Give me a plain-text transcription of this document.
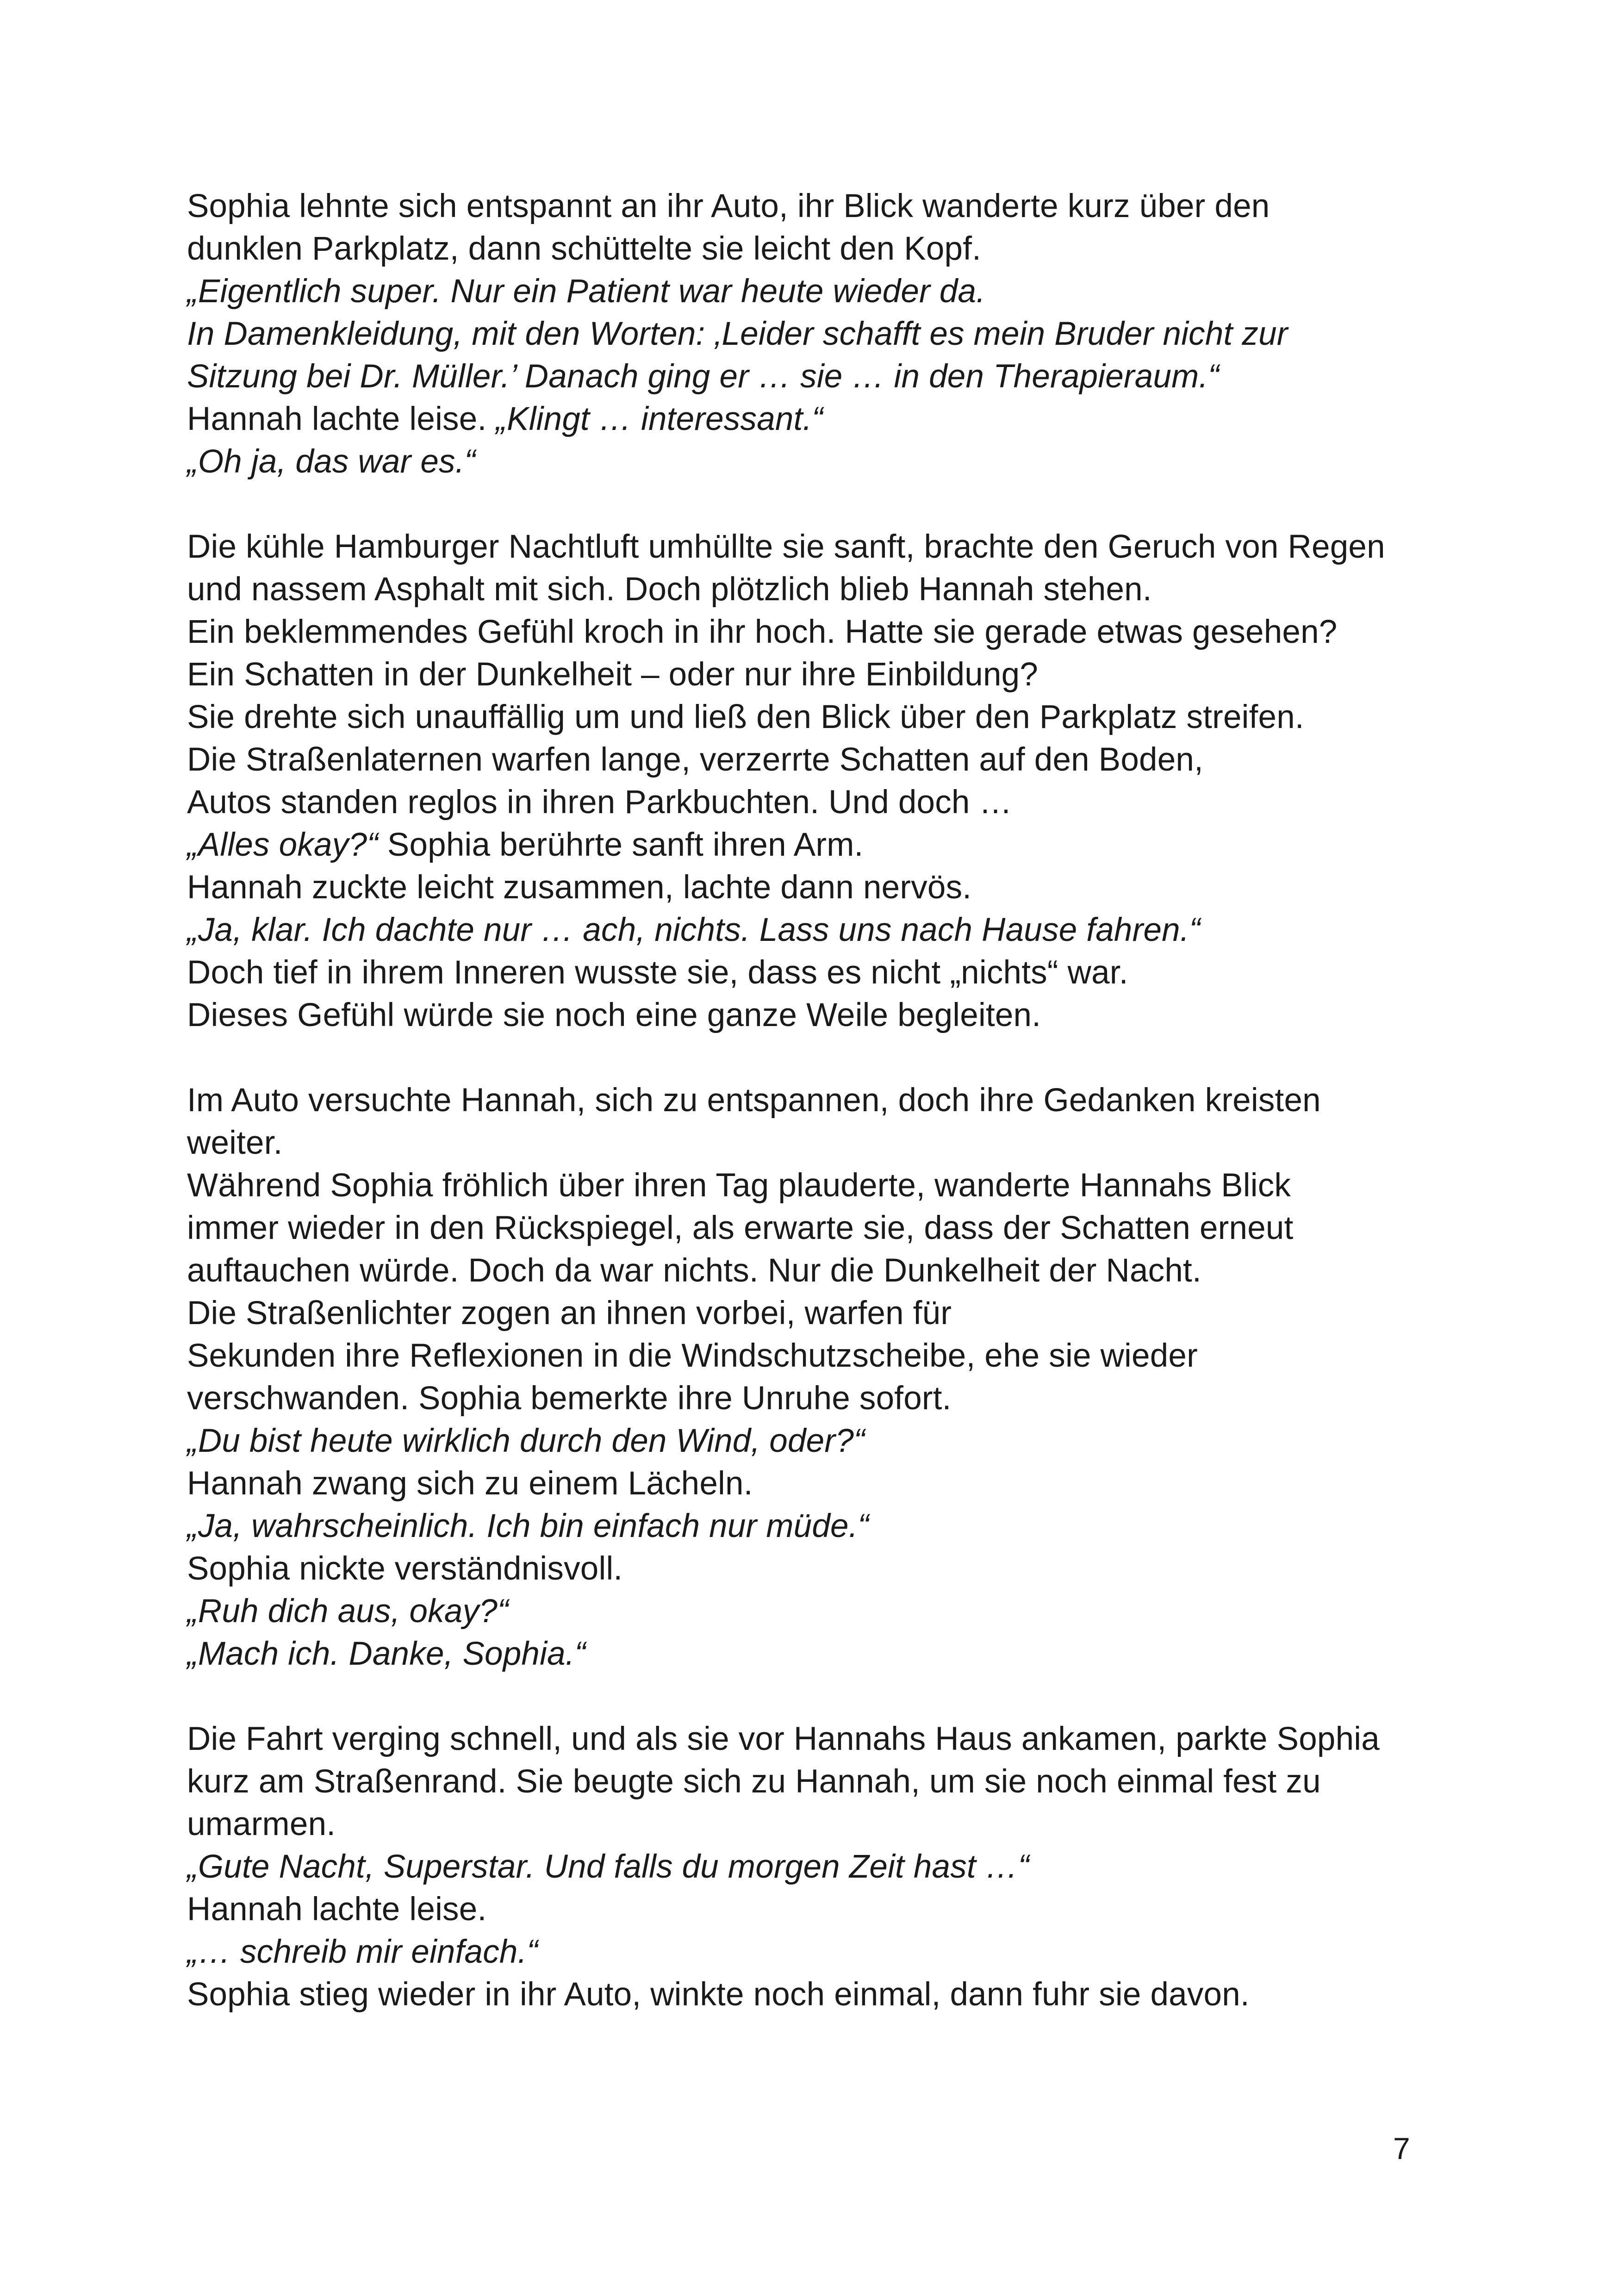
Sophia lehnte sich entspannt an ihr Auto, ihr Blick wanderte kurz über den
dunklen Parkplatz, dann schüttelte sie leicht den Kopf.
„Eigentlich super. Nur ein Patient war heute wieder da.
In Damenkleidung, mit den Worten: ‚Leider schafft es mein Bruder nicht zur
Sitzung bei Dr. Müller.’ Danach ging er … sie … in den Therapieraum.“
Hannah lachte leise. „Klingt … interessant.“
„Oh ja, das war es.“
Die kühle Hamburger Nachtluft umhüllte sie sanft, brachte den Geruch von Regen
und nassem Asphalt mit sich. Doch plötzlich blieb Hannah stehen.
Ein beklemmendes Gefühl kroch in ihr hoch. Hatte sie gerade etwas gesehen?
Ein Schatten in der Dunkelheit – oder nur ihre Einbildung?
Sie drehte sich unauffällig um und ließ den Blick über den Parkplatz streifen.
Die Straßenlaternen warfen lange, verzerrte Schatten auf den Boden,
Autos standen reglos in ihren Parkbuchten. Und doch …
„Alles okay?“ Sophia berührte sanft ihren Arm.
Hannah zuckte leicht zusammen, lachte dann nervös.
„Ja, klar. Ich dachte nur … ach, nichts. Lass uns nach Hause fahren.“
Doch tief in ihrem Inneren wusste sie, dass es nicht „nichts“ war.
Dieses Gefühl würde sie noch eine ganze Weile begleiten.
Im Auto versuchte Hannah, sich zu entspannen, doch ihre Gedanken kreisten
weiter.
Während Sophia fröhlich über ihren Tag plauderte, wanderte Hannahs Blick
immer wieder in den Rückspiegel, als erwarte sie, dass der Schatten erneut
auftauchen würde. Doch da war nichts. Nur die Dunkelheit der Nacht.
Die Straßenlichter zogen an ihnen vorbei, warfen für
Sekunden ihre Reflexionen in die Windschutzscheibe, ehe sie wieder
verschwanden. Sophia bemerkte ihre Unruhe sofort.
„Du bist heute wirklich durch den Wind, oder?“
Hannah zwang sich zu einem Lächeln.
„Ja, wahrscheinlich. Ich bin einfach nur müde.“
Sophia nickte verständnisvoll.
„Ruh dich aus, okay?“
„Mach ich. Danke, Sophia.“
Die Fahrt verging schnell, und als sie vor Hannahs Haus ankamen, parkte Sophia
kurz am Straßenrand. Sie beugte sich zu Hannah, um sie noch einmal fest zu
umarmen.
„Gute Nacht, Superstar. Und falls du morgen Zeit hast …“
Hannah lachte leise.
„… schreib mir einfach.“
Sophia stieg wieder in ihr Auto, winkte noch einmal, dann fuhr sie davon.
7
